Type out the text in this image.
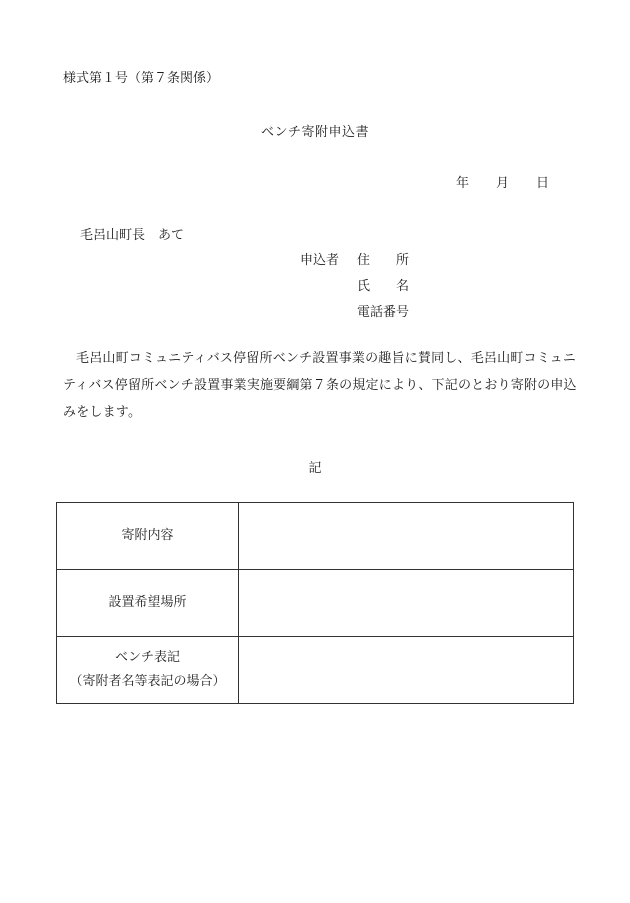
様式第１号（第７条関係）
ベンチ寄附申込書
年 月 日
毛呂山町長　あて
申込者 住　　所
氏　　名
電話番号
毛呂山町コミュニティバス停留所ベンチ設置事業の趣旨に賛同し、毛呂山町コミュニティバス停留所ベンチ設置事業実施要綱第７条の規定により、下記のとおり寄附の申込みをします。
記
寄附内容	
設置希望場所	

ベンチ表記
（寄附者名等表記の場合）	
